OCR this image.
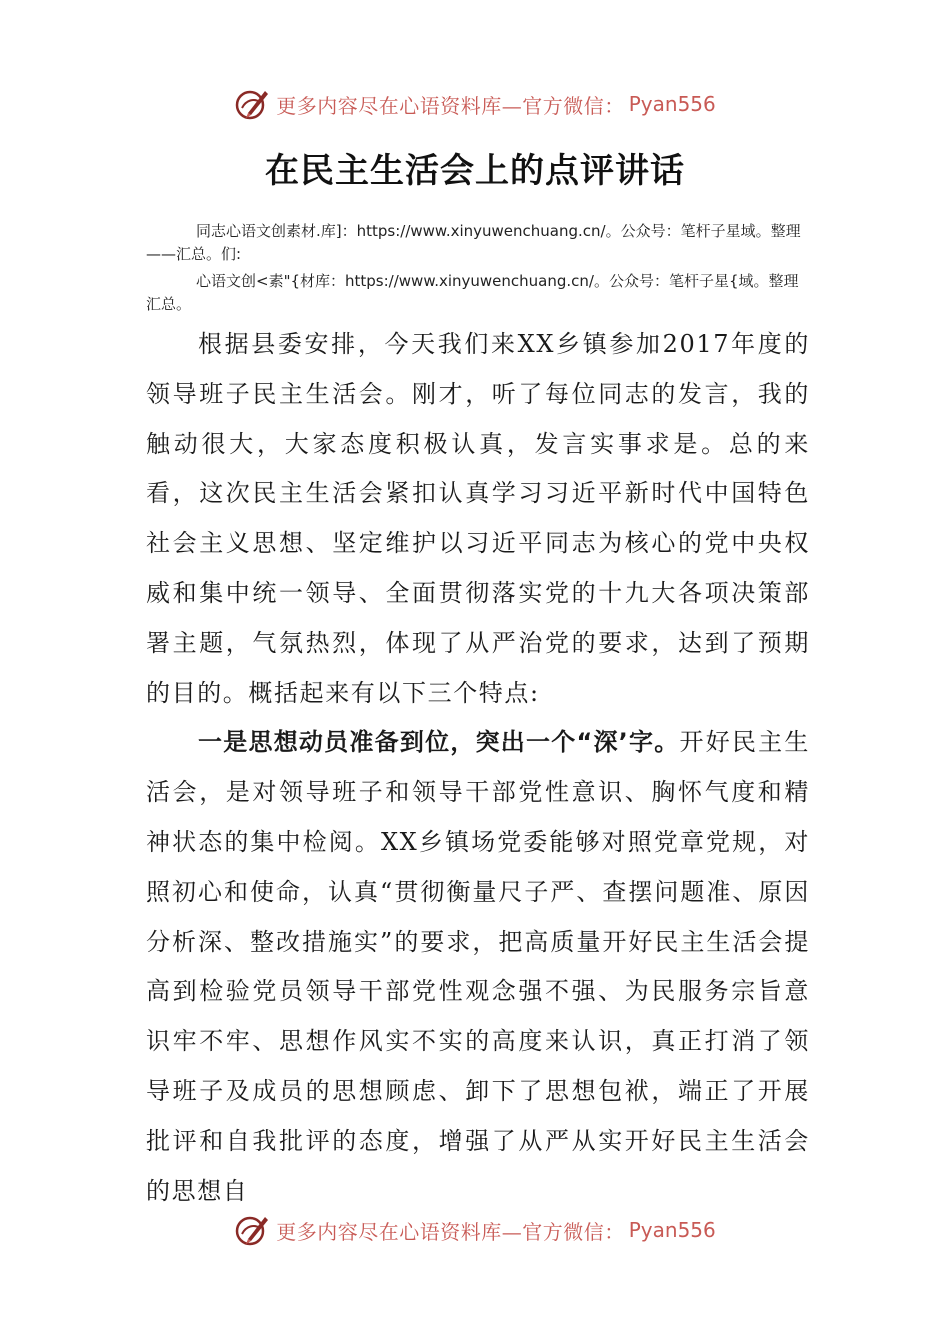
更多内容尽在心语资料库—官方微信： Pyan556
在民主生活会上的点评讲话
同志心语文创素材.库]：https://www.xinyuwenchuang.cn/。公众号：笔杆子星域。整理——汇总。们:
心语文创<素"{材库：https://www.xinyuwenchuang.cn/。公众号：笔杆子星{域。整理汇总。

根据县委安排，今天我们来XX乡镇参加2017年度的领导班子民主生活会。刚才，听了每位同志的发言，我的触动很大，大家态度积极认真，发言实事求是。总的来看，这次民主生活会紧扣认真学习习近平新时代中国特色社会主义思想、坚定维护以习近平同志为核心的党中央权威和集中统一领导、全面贯彻落实党的十九大各项决策部署主题，气氛热烈，体现了从严治党的要求，达到了预期的目的。概括起来有以下三个特点:

一是思想动员准备到位，突出一个“深’字。开好民主生活会，是对领导班子和领导干部党性意识、胸怀气度和精神状态的集中检阅。XX乡镇场党委能够对照党章党规，对照初心和使命，认真“贯彻衡量尺子严、查摆问题准、原因分析深、整改措施实”的要求，把高质量开好民主生活会提高到检验党员领导干部党性观念强不强、为民服务宗旨意识牢不牢、思想作风实不实的高度来认识，真正打消了领导班子及成员的思想顾虑、卸下了思想包袱，端正了开展批评和自我批评的态度，增强了从严从实开好民主生活会的思想自

更多内容尽在心语资料库—官方微信： Pyan556
